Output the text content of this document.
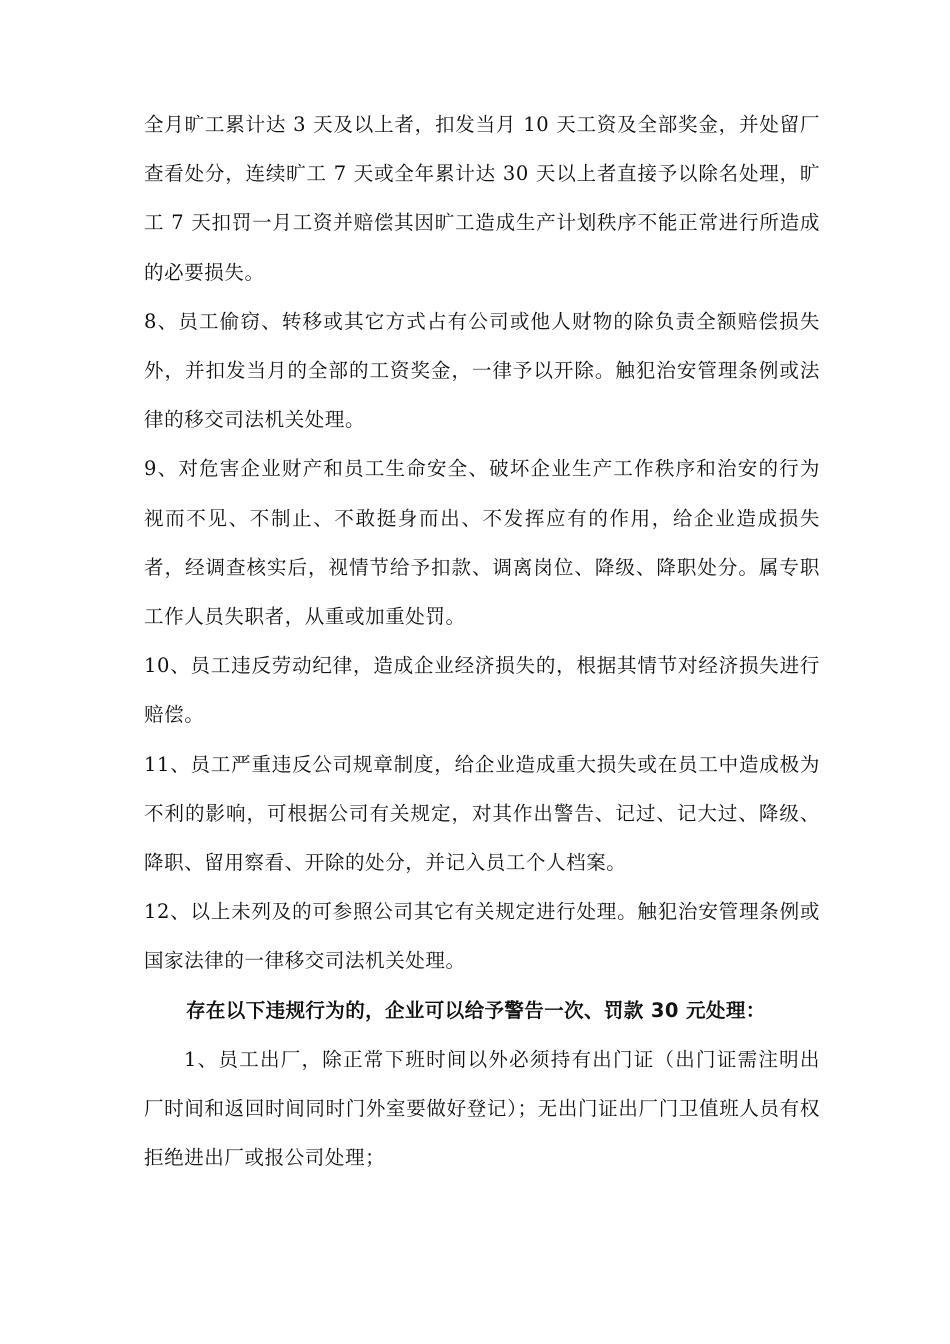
全月旷工累计达 3 天及以上者，扣发当月 10 天工资及全部奖金，并处留厂查看处分，连续旷工 7 天或全年累计达 30 天以上者直接予以除名处理，旷工 7 天扣罚一月工资并赔偿其因旷工造成生产计划秩序不能正常进行所造成的必要损失。

8、员工偷窃、转移或其它方式占有公司或他人财物的除负责全额赔偿损失外，并扣发当月的全部的工资奖金，一律予以开除。触犯治安管理条例或法律的移交司法机关处理。

9、对危害企业财产和员工生命安全、破坏企业生产工作秩序和治安的行为视而不见、不制止、不敢挺身而出、不发挥应有的作用，给企业造成损失者，经调查核实后，视情节给予扣款、调离岗位、降级、降职处分。属专职工作人员失职者，从重或加重处罚。

10、员工违反劳动纪律，造成企业经济损失的，根据其情节对经济损失进行赔偿。

11、员工严重违反公司规章制度，给企业造成重大损失或在员工中造成极为不利的影响，可根据公司有关规定，对其作出警告、记过、记大过、降级、降职、留用察看、开除的处分，并记入员工个人档案。

12、以上未列及的可参照公司其它有关规定进行处理。触犯治安管理条例或国家法律的一律移交司法机关处理。

存在以下违规行为的，企业可以给予警告一次、罚款 30 元处理：

1、员工出厂，除正常下班时间以外必须持有出门证（出门证需注明出厂时间和返回时间同时门外室要做好登记）；无出门证出厂门卫值班人员有权拒绝进出厂或报公司处理；
